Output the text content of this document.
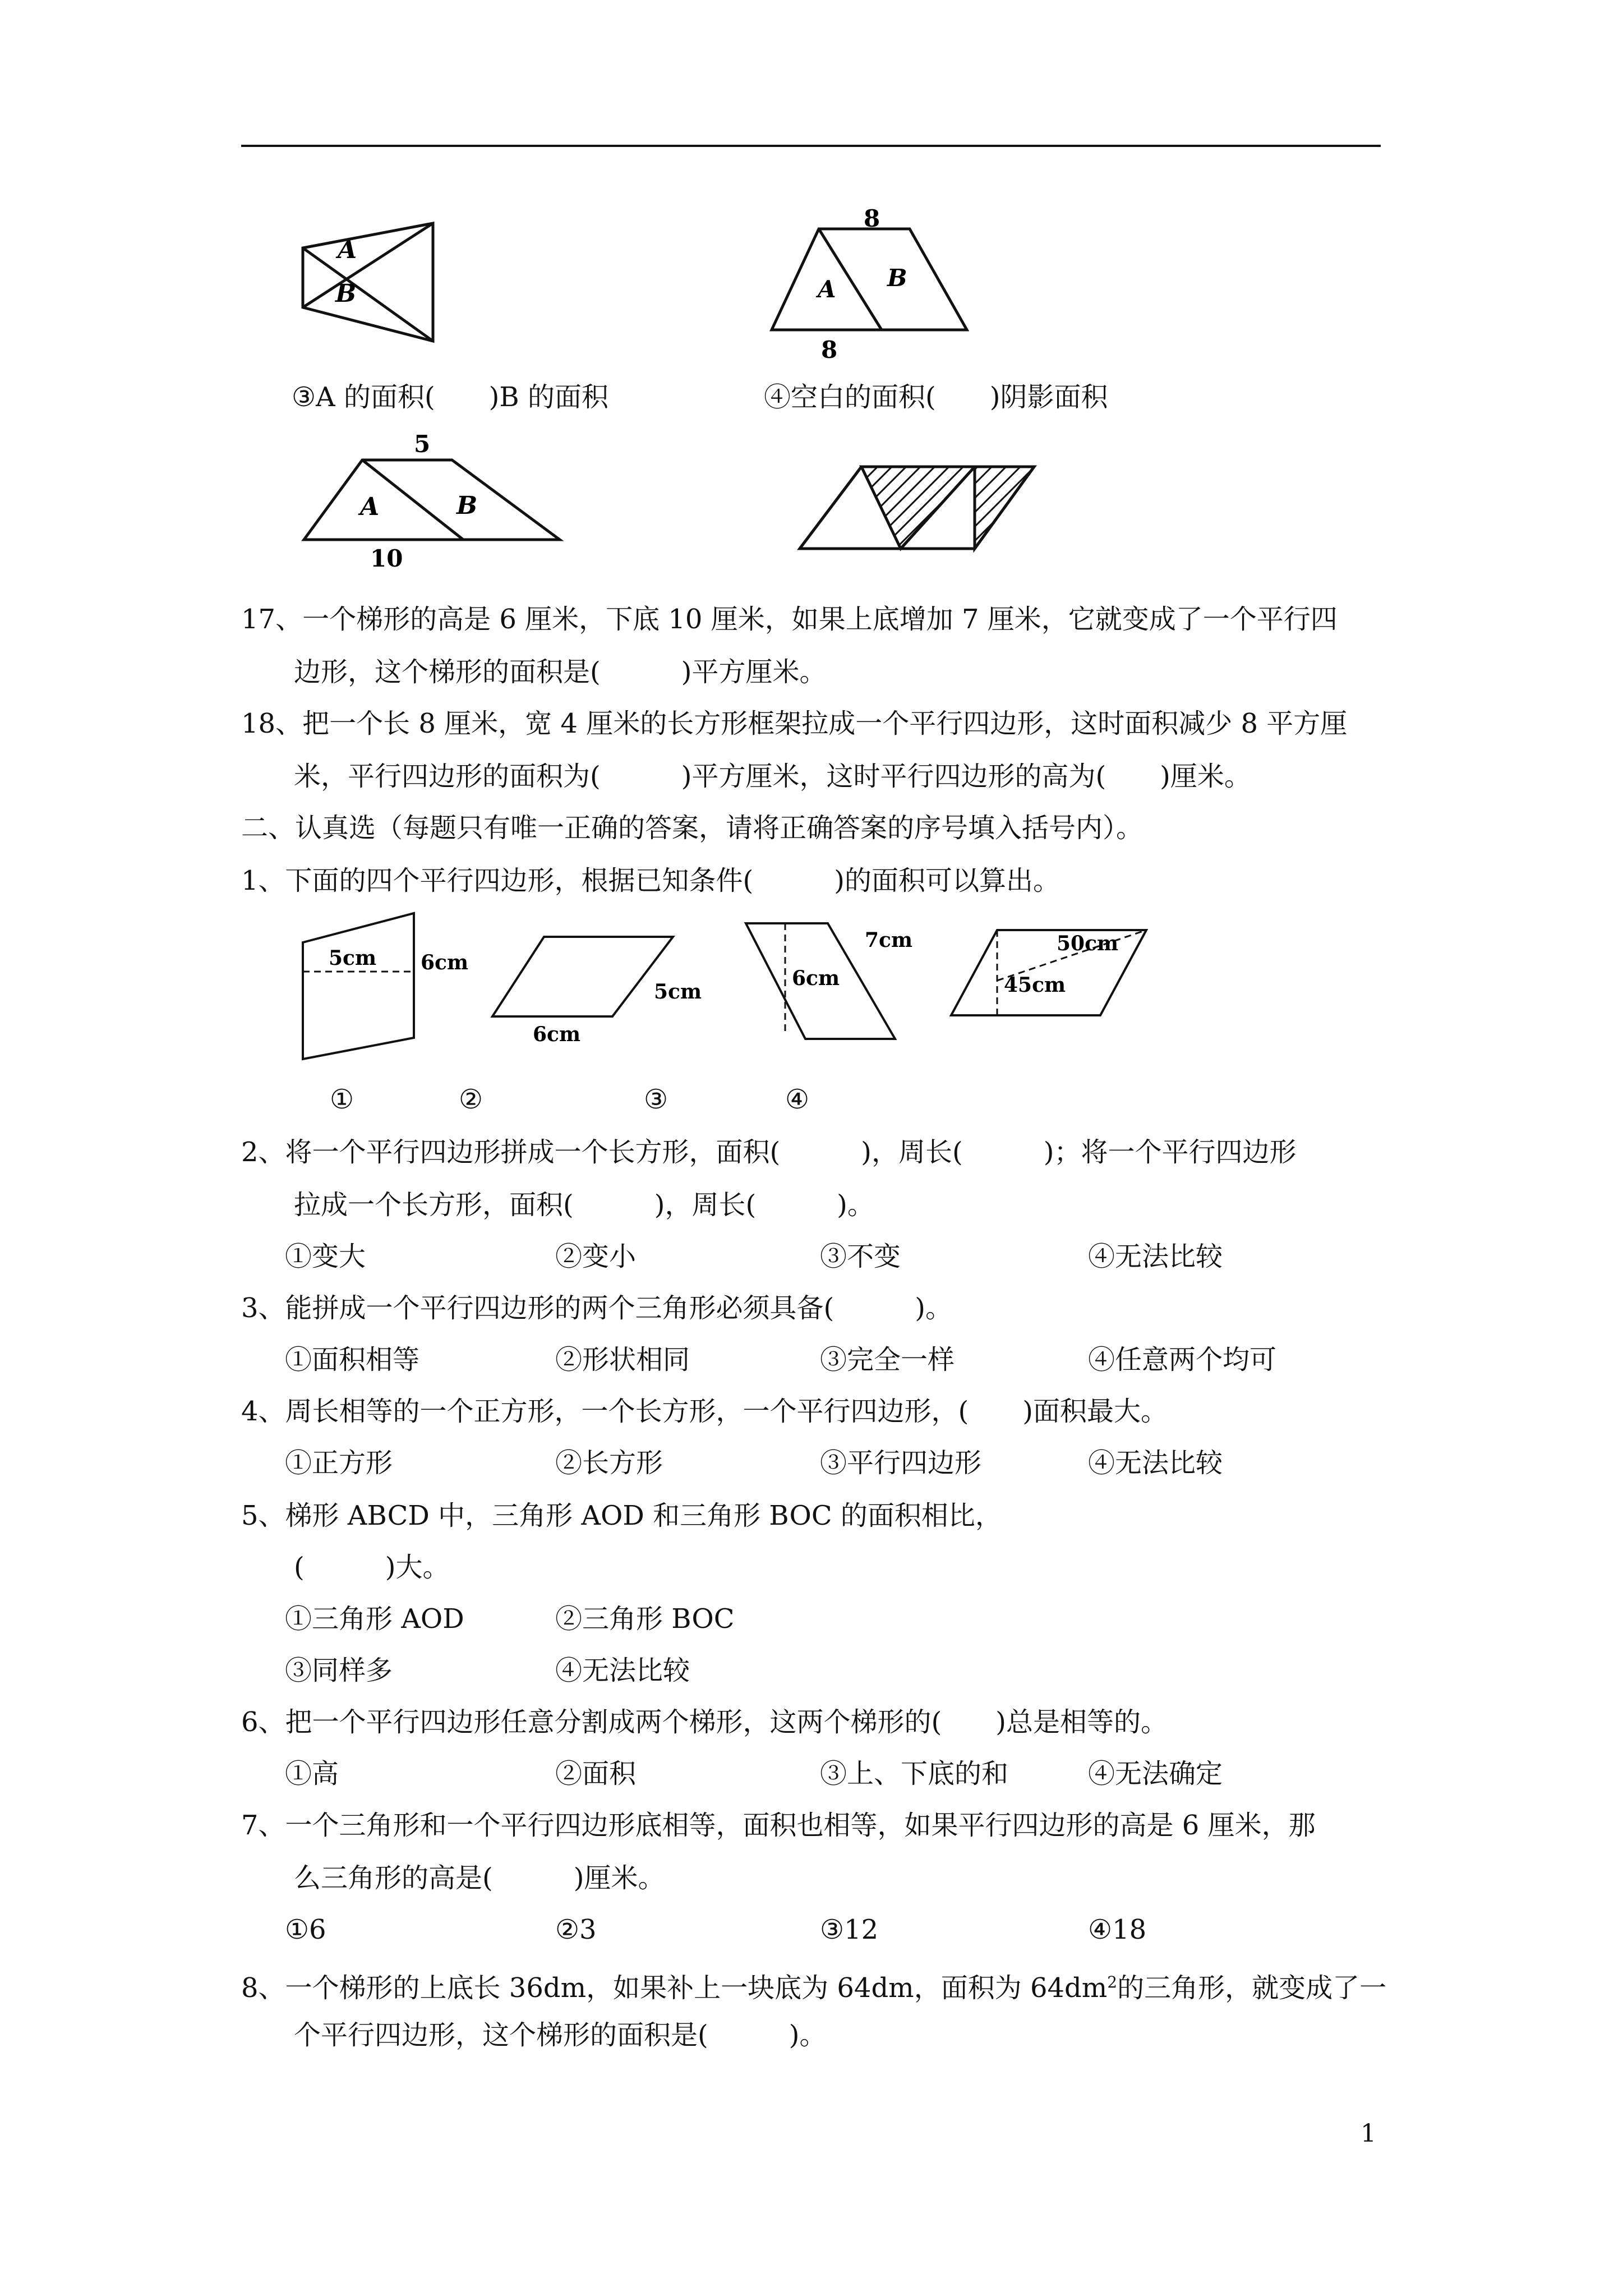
A
B
8
A B
8
③A 的面积(　　)B 的面积	④空白的面积(　　)阴影面积
5
A	B
10
17、一个梯形的高是 6 厘米，下底 10 厘米，如果上底增加 7 厘米，它就变成了一个平行四
边形，这个梯形的面积是(　　　)平方厘米。
18、把一个长 8 厘米，宽 4 厘米的长方形框架拉成一个平行四边形，这时面积减少 8 平方厘
米，平行四边形的面积为(　　　)平方厘米，这时平行四边形的高为(　　)厘米。
二、认真选（每题只有唯一正确的答案，请将正确答案的序号填入括号内）。
1、下面的四个平行四边形，根据已知条件(　　　)的面积可以算出。
5cm 6cm
5cm
6cm
7cm
6cm
50cm
45cm
①	②	③	④
2、将一个平行四边形拼成一个长方形，面积(　　　)，周长(　　　)；将一个平行四边形
拉成一个长方形，面积(　　　)，周长(　　　)。
①变大	②变小	③不变	④无法比较
3、能拼成一个平行四边形的两个三角形必须具备(　　　)。
①面积相等	②形状相同	③完全一样	④任意两个均可
4、周长相等的一个正方形，一个长方形，一个平行四边形，(　　)面积最大。
①正方形	②长方形	③平行四边形	④无法比较
5、梯形 ABCD 中，三角形 AOD 和三角形 BOC 的面积相比，
(　　　)大。
①三角形 AOD	②三角形 BOC
③同样多	④无法比较
6、把一个平行四边形任意分割成两个梯形，这两个梯形的(　　)总是相等的。
①高	②面积	③上、下底的和	④无法确定
7、一个三角形和一个平行四边形底相等，面积也相等，如果平行四边形的高是 6 厘米，那
么三角形的高是(　　　)厘米。
①6	②3	③12	④18
8、一个梯形的上底长 36dm，如果补上一块底为 64dm，面积为 $64dm^2$的三角形，就变成了一
个平行四边形，这个梯形的面积是(　　　)。
1
